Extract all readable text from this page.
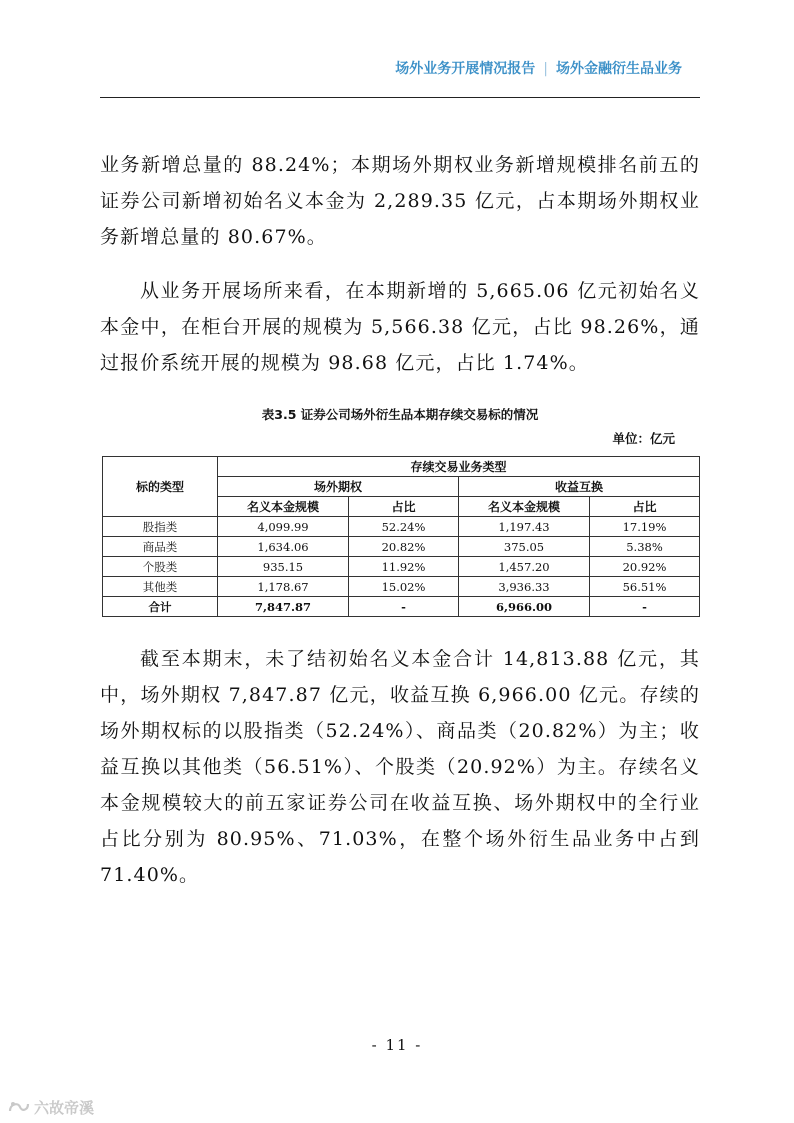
场外业务开展情况报告 | 场外金融衍生品业务

业务新增总量的 88.24%；本期场外期权业务新增规模排名前五的证券公司新增初始名义本金为 2,289.35 亿元，占本期场外期权业务新增总量的 80.67%。

从业务开展场所来看，在本期新增的 5,665.06 亿元初始名义本金中，在柜台开展的规模为 5,566.38 亿元，占比 98.26%，通过报价系统开展的规模为 98.68 亿元，占比 1.74%。

表3.5 证券公司场外衍生品本期存续交易标的情况
单位：亿元
标的类型	存续交易业务类型			
	场外期权		收益互换	
	名义本金规模	占比	名义本金规模	占比
股指类	4,099.99	52.24%	1,197.43	17.19%
商品类	1,634.06	20.82%	375.05	5.38%
个股类	935.15	11.92%	1,457.20	20.92%
其他类	1,178.67	15.02%	3,936.33	56.51%
合计	7,847.87	-	6,966.00	-

截至本期末，未了结初始名义本金合计 14,813.88 亿元，其中，场外期权 7,847.87 亿元，收益互换 6,966.00 亿元。存续的场外期权标的以股指类（52.24%）、商品类（20.82%）为主；收益互换以其他类（56.51%）、个股类（20.92%）为主。存续名义本金规模较大的前五家证券公司在收益互换、场外期权中的全行业占比分别为 80.95%、71.03%，在整个场外衍生品业务中占到 71.40%。

- 11 -
六故帝溪
